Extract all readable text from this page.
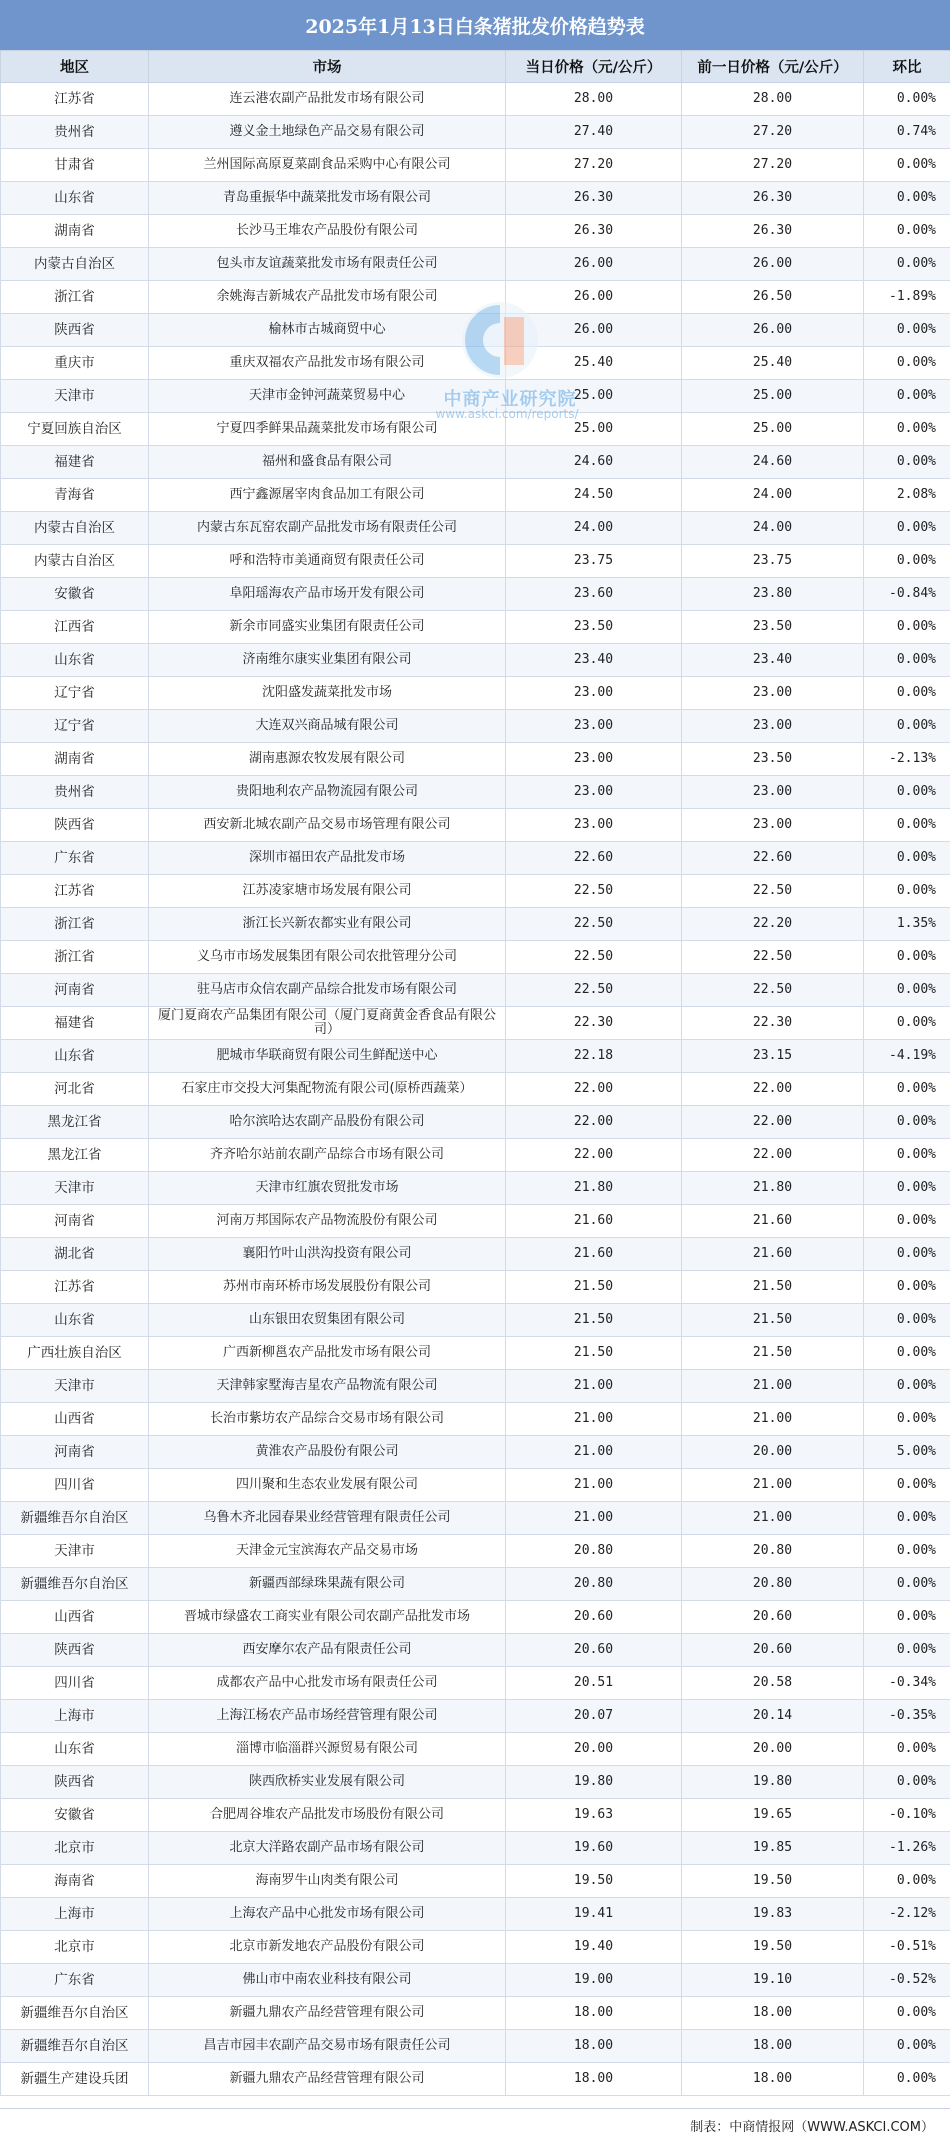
2025年1月13日白条猪批发价格趋势表
地区	市场	当日价格（元/公斤）	前一日价格（元/公斤）	环比
江苏省	连云港农副产品批发市场有限公司	28.00	28.00	0.00%
贵州省	遵义金土地绿色产品交易有限公司	27.40	27.20	0.74%
甘肃省	兰州国际高原夏菜副食品采购中心有限公司	27.20	27.20	0.00%
山东省	青岛重振华中蔬菜批发市场有限公司	26.30	26.30	0.00%
湖南省	长沙马王堆农产品股份有限公司	26.30	26.30	0.00%
内蒙古自治区	包头市友谊蔬菜批发市场有限责任公司	26.00	26.00	0.00%
浙江省	余姚海吉新城农产品批发市场有限公司	26.00	26.50	-1.89%
陕西省	榆林市古城商贸中心	26.00	26.00	0.00%
重庆市	重庆双福农产品批发市场有限公司	25.40	25.40	0.00%
天津市	天津市金钟河蔬菜贸易中心	25.00	25.00	0.00%
宁夏回族自治区	宁夏四季鲜果品蔬菜批发市场有限公司	25.00	25.00	0.00%
福建省	福州和盛食品有限公司	24.60	24.60	0.00%
青海省	西宁鑫源屠宰肉食品加工有限公司	24.50	24.00	2.08%
内蒙古自治区	内蒙古东瓦窑农副产品批发市场有限责任公司	24.00	24.00	0.00%
内蒙古自治区	呼和浩特市美通商贸有限责任公司	23.75	23.75	0.00%
安徽省	阜阳瑶海农产品市场开发有限公司	23.60	23.80	-0.84%
江西省	新余市同盛实业集团有限责任公司	23.50	23.50	0.00%
山东省	济南维尔康实业集团有限公司	23.40	23.40	0.00%
辽宁省	沈阳盛发蔬菜批发市场	23.00	23.00	0.00%
辽宁省	大连双兴商品城有限公司	23.00	23.00	0.00%
湖南省	湖南惠源农牧发展有限公司	23.00	23.50	-2.13%
贵州省	贵阳地利农产品物流园有限公司	23.00	23.00	0.00%
陕西省	西安新北城农副产品交易市场管理有限公司	23.00	23.00	0.00%
广东省	深圳市福田农产品批发市场	22.60	22.60	0.00%
江苏省	江苏凌家塘市场发展有限公司	22.50	22.50	0.00%
浙江省	浙江长兴新农都实业有限公司	22.50	22.20	1.35%
浙江省	义乌市市场发展集团有限公司农批管理分公司	22.50	22.50	0.00%
河南省	驻马店市众信农副产品综合批发市场有限公司	22.50	22.50	0.00%
福建省	厦门夏商农产品集团有限公司（厦门夏商黄金香食品有限公司）	22.30	22.30	0.00%
山东省	肥城市华联商贸有限公司生鲜配送中心	22.18	23.15	-4.19%
河北省	石家庄市交投大河集配物流有限公司(原桥西蔬菜）	22.00	22.00	0.00%
黑龙江省	哈尔滨哈达农副产品股份有限公司	22.00	22.00	0.00%
黑龙江省	齐齐哈尔站前农副产品综合市场有限公司	22.00	22.00	0.00%
天津市	天津市红旗农贸批发市场	21.80	21.80	0.00%
河南省	河南万邦国际农产品物流股份有限公司	21.60	21.60	0.00%
湖北省	襄阳竹叶山洪沟投资有限公司	21.60	21.60	0.00%
江苏省	苏州市南环桥市场发展股份有限公司	21.50	21.50	0.00%
山东省	山东银田农贸集团有限公司	21.50	21.50	0.00%
广西壮族自治区	广西新柳邕农产品批发市场有限公司	21.50	21.50	0.00%
天津市	天津韩家墅海吉星农产品物流有限公司	21.00	21.00	0.00%
山西省	长治市紫坊农产品综合交易市场有限公司	21.00	21.00	0.00%
河南省	黄淮农产品股份有限公司	21.00	20.00	5.00%
四川省	四川聚和生态农业发展有限公司	21.00	21.00	0.00%
新疆维吾尔自治区	乌鲁木齐北园春果业经营管理有限责任公司	21.00	21.00	0.00%
天津市	天津金元宝滨海农产品交易市场	20.80	20.80	0.00%
新疆维吾尔自治区	新疆西部绿珠果蔬有限公司	20.80	20.80	0.00%
山西省	晋城市绿盛农工商实业有限公司农副产品批发市场	20.60	20.60	0.00%
陕西省	西安摩尔农产品有限责任公司	20.60	20.60	0.00%
四川省	成都农产品中心批发市场有限责任公司	20.51	20.58	-0.34%
上海市	上海江杨农产品市场经营管理有限公司	20.07	20.14	-0.35%
山东省	淄博市临淄群兴源贸易有限公司	20.00	20.00	0.00%
陕西省	陕西欣桥实业发展有限公司	19.80	19.80	0.00%
安徽省	合肥周谷堆农产品批发市场股份有限公司	19.63	19.65	-0.10%
北京市	北京大洋路农副产品市场有限公司	19.60	19.85	-1.26%
海南省	海南罗牛山肉类有限公司	19.50	19.50	0.00%
上海市	上海农产品中心批发市场有限公司	19.41	19.83	-2.12%
北京市	北京市新发地农产品股份有限公司	19.40	19.50	-0.51%
广东省	佛山市中南农业科技有限公司	19.00	19.10	-0.52%
新疆维吾尔自治区	新疆九鼎农产品经营管理有限公司	18.00	18.00	0.00%
新疆维吾尔自治区	昌吉市园丰农副产品交易市场有限责任公司	18.00	18.00	0.00%
新疆生产建设兵团	新疆九鼎农产品经营管理有限公司	18.00	18.00	0.00%
中商产业研究院
www.askci.com/reports/
制表：中商情报网（WWW.ASKCI.COM）
